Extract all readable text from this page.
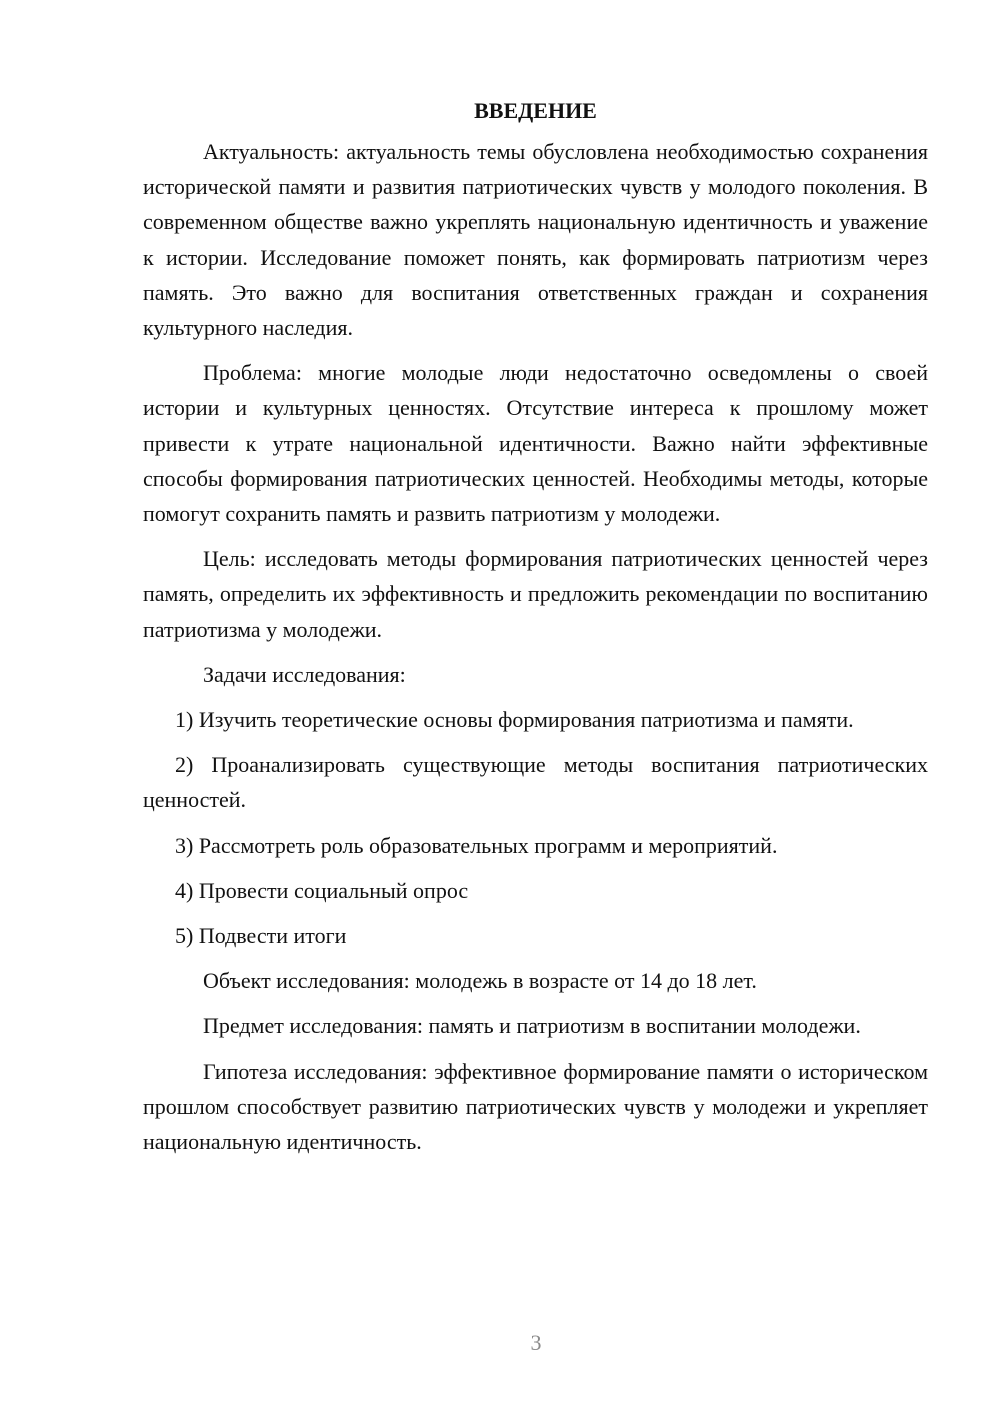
ВВЕДЕНИЕ

Актуальность: актуальность темы обусловлена необходимостью сохранения исторической памяти и развития патриотических чувств у молодого поколения. В современном обществе важно укреплять национальную идентичность и уважение к истории. Исследование поможет понять, как формировать патриотизм через память. Это важно для воспитания ответственных граждан и сохранения культурного наследия.

Проблема: многие молодые люди недостаточно осведомлены о своей истории и культурных ценностях. Отсутствие интереса к прошлому может привести к утрате национальной идентичности. Важно найти эффективные способы формирования патриотических ценностей. Необходимы методы, которые помогут сохранить память и развить патриотизм у молодежи.

Цель: исследовать методы формирования патриотических ценностей через память, определить их эффективность и предложить рекомендации по воспитанию патриотизма у молодежи.

Задачи исследования:

1) Изучить теоретические основы формирования патриотизма и памяти.

2) Проанализировать существующие методы воспитания патриотических ценностей.

3) Рассмотреть роль образовательных программ и мероприятий.

4) Провести социальный опрос

5) Подвести итоги

Объект исследования: молодежь в возрасте от 14 до 18 лет.

Предмет исследования: память и патриотизм в воспитании молодежи.

Гипотеза исследования: эффективное формирование памяти о историческом прошлом способствует развитию патриотических чувств у молодежи и укрепляет национальную идентичность.

3
